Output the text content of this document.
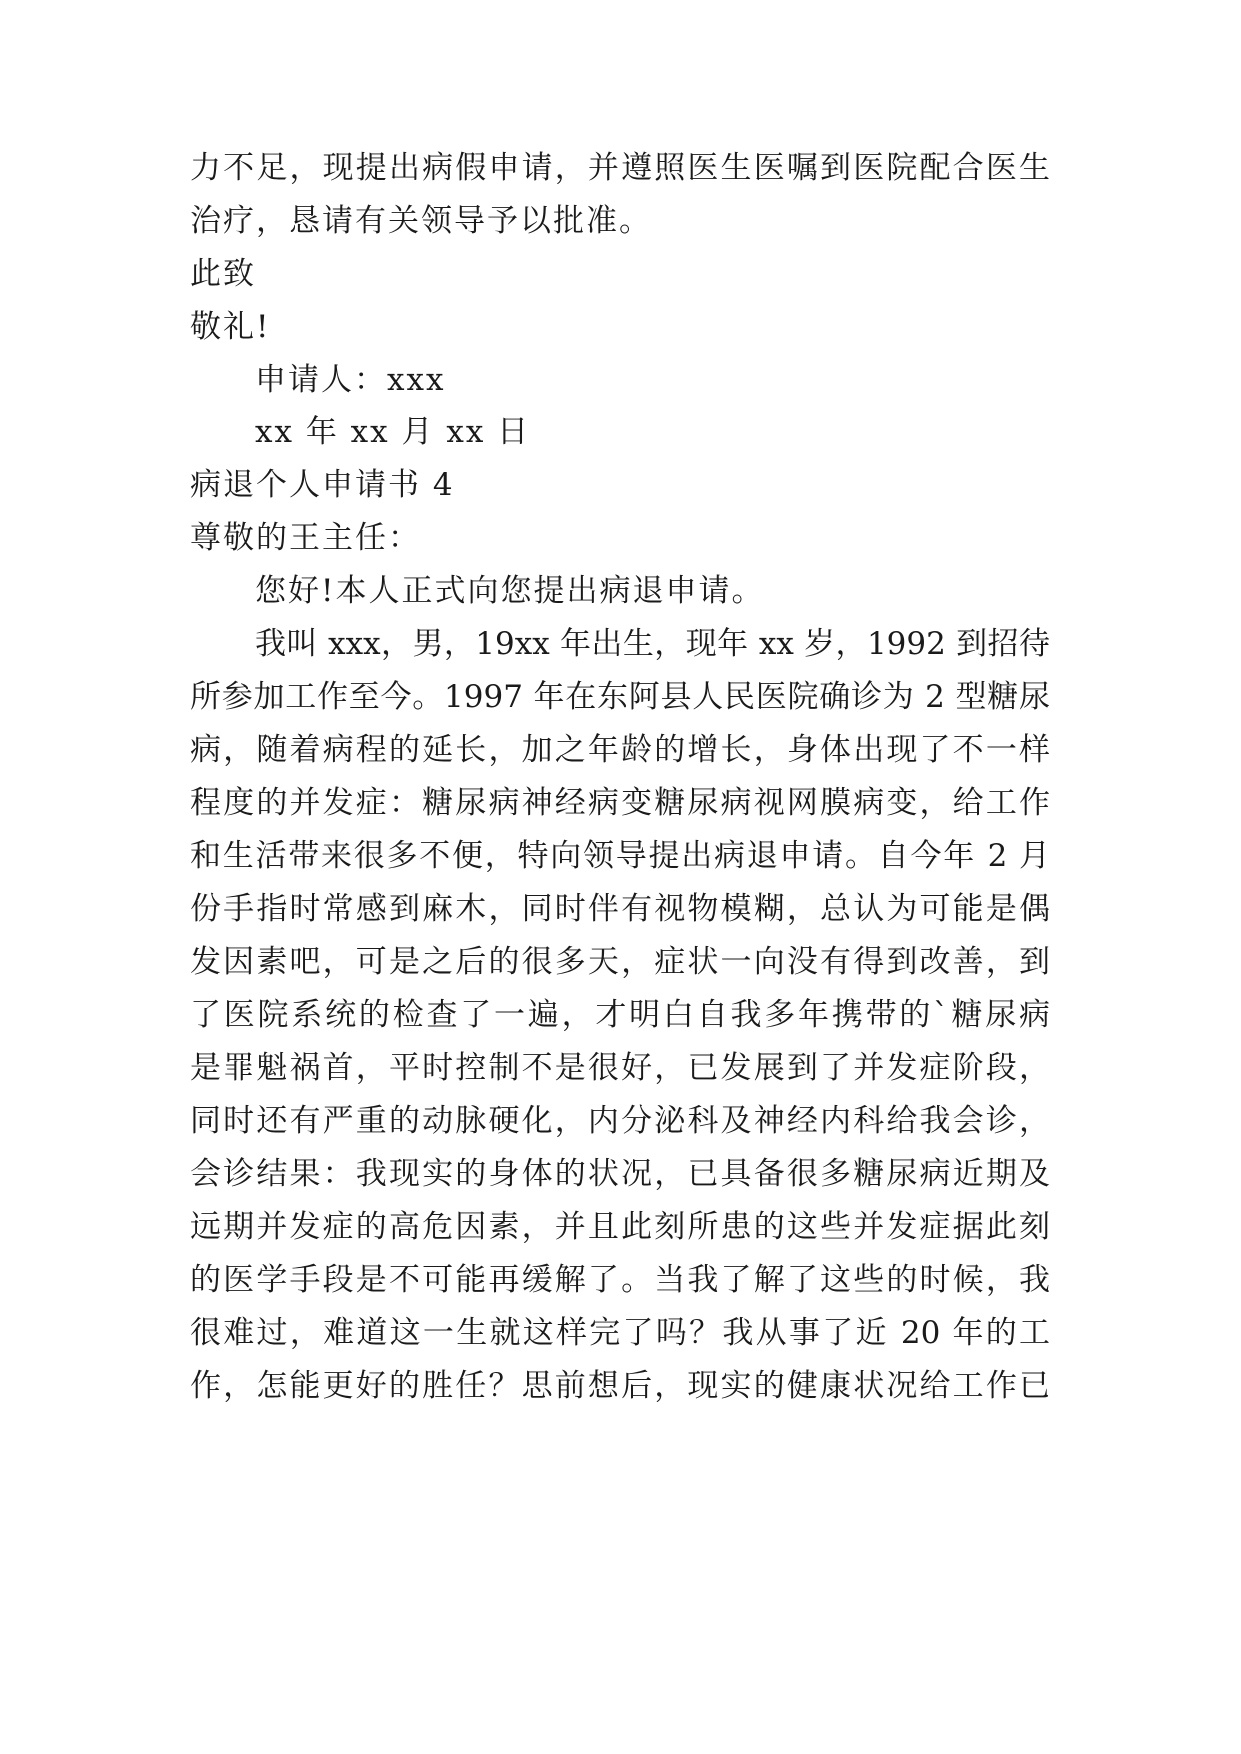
力不足，现提出病假申请，并遵照医生医嘱到医院配合医生
治疗，恳请有关领导予以批准。
此致
敬礼!
申请人：xxx
xx 年 xx 月 xx 日
病退个人申请书 4
尊敬的王主任：
您好!本人正式向您提出病退申请。
我叫 xxx，男，19xx 年出生，现年 xx 岁，1992 到招待
所参加工作至今。1997 年在东阿县人民医院确诊为 2 型糖尿
病，随着病程的延长，加之年龄的增长，身体出现了不一样
程度的并发症：糖尿病神经病变糖尿病视网膜病变，给工作
和生活带来很多不便，特向领导提出病退申请。自今年 2 月
份手指时常感到麻木，同时伴有视物模糊，总认为可能是偶
发因素吧，可是之后的很多天，症状一向没有得到改善，到
了医院系统的检查了一遍，才明白自我多年携带的`糖尿病
是罪魁祸首，平时控制不是很好，已发展到了并发症阶段，
同时还有严重的动脉硬化，内分泌科及神经内科给我会诊，
会诊结果：我现实的身体的状况，已具备很多糖尿病近期及
远期并发症的高危因素，并且此刻所患的这些并发症据此刻
的医学手段是不可能再缓解了。当我了解了这些的时候，我
很难过，难道这一生就这样完了吗？我从事了近 20 年的工
作，怎能更好的胜任？思前想后，现实的健康状况给工作已
